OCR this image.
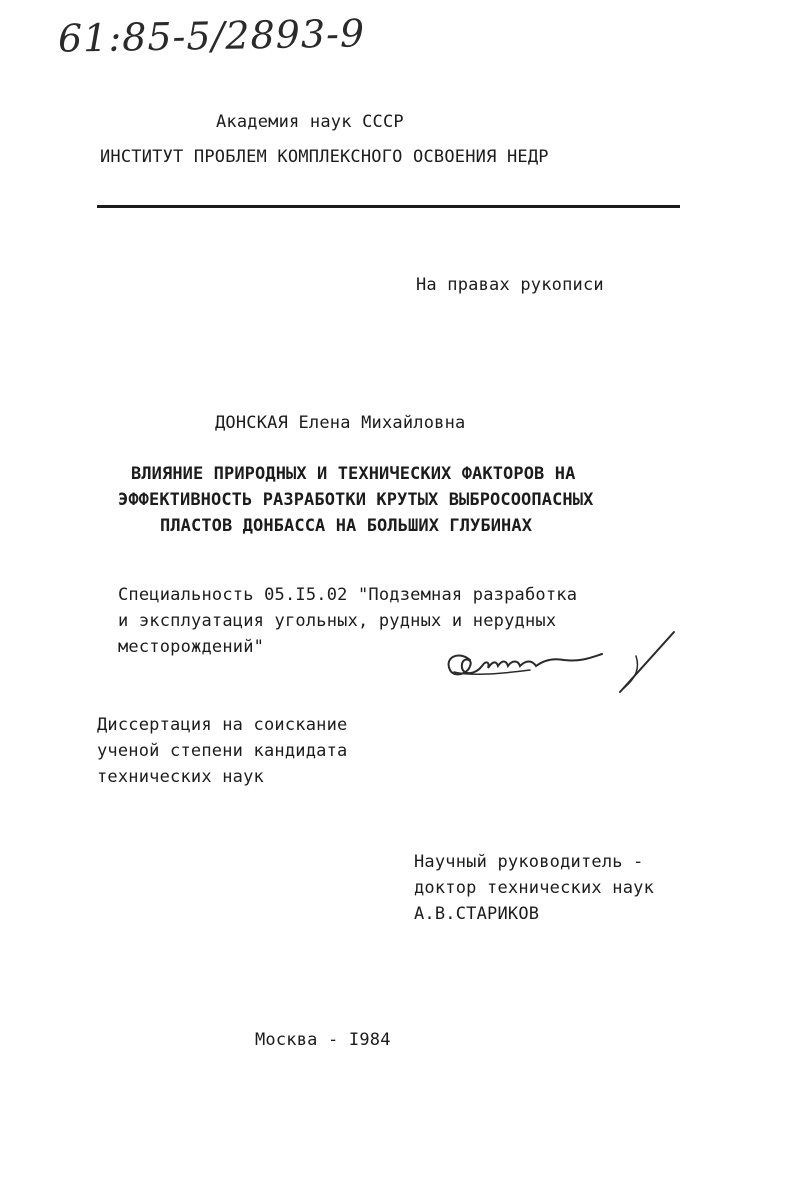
61:85-5/2893-9
Академия наук СССР
ИНСТИТУТ ПРОБЛЕМ КОМПЛЕКСНОГО ОСВОЕНИЯ НЕДР
На правах рукописи
ДОНСКАЯ Елена Михайловна
ВЛИЯНИЕ ПРИРОДНЫХ И ТЕХНИЧЕСКИХ ФАКТОРОВ НА
ЭФФЕКТИВНОСТЬ РАЗРАБОТКИ КРУТЫХ ВЫБРОСООПАСНЫХ
ПЛАСТОВ ДОНБАССА НА БОЛЬШИХ ГЛУБИНАХ
Специальность 05.I5.02 "Подземная разработка
и эксплуатация угольных, рудных и нерудных
месторождений"
Диссертация на соискание
ученой степени кандидата
технических наук
Научный руководитель -
доктор технических наук
А.В.СТАРИКОВ
Москва - I984
